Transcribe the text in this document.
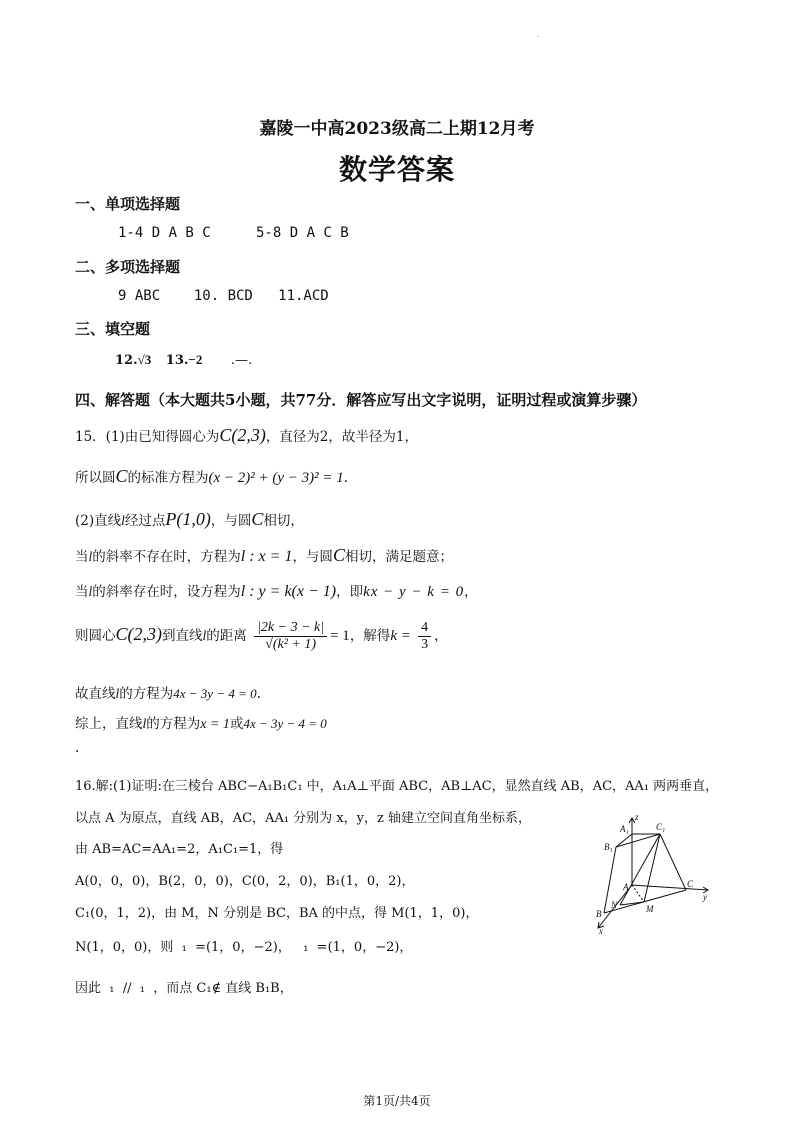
.
嘉陵一中高2023级高二上期12月考
数学答案
一、单项选择题
1-4 D A B C	5-8 D A C B
二、多项选择题
9 ABC    10. BCD   11.ACD
三、填空题
12.√3 13.−2 .—.
四、解答题（本大题共5小题，共77分．解答应写出文字说明，证明过程或演算步骤）
15．(1)由已知得圆心为C(2,3)，直径为2，故半径为1，
所以圆C的标准方程为(x − 2)² + (y − 3)² = 1.
(2)直线l经过点P(1,0)，与圆C相切，
当l的斜率不存在时，方程为l : x = 1，与圆C相切，满足题意；
当l的斜率存在时，设方程为l : y = k(x − 1)，即kx − y − k = 0，
则圆心C(2,3)到直线l的距离 $\frac{|2k - 3 - k|}{\text{√(k² + 1)}} = 1$，解得$k = \frac{4}{3}$ ，
故直线l的方程为4x − 3y − 4 = 0.
综上，直线l的方程为x = 1或4x − 3y − 4 = 0
.
16.解:(1)证明:在三棱台 ABC−A₁B₁C₁ 中，A₁A⊥平面 ABC，AB⊥AC，显然直线 AB，AC，AA₁ 两两垂直，
以点 A 为原点，直线 AB，AC，AA₁ 分别为 x，y，z 轴建立空间直角坐标系，
由 AB=AC=AA₁=2，A₁C₁=1，得
A(0，0，0)，B(2，0，0)，C(0，2，0)，B₁(1，0，2)，
C₁(0，1，2)，由 M，N 分别是 BC，BA 的中点，得 M(1，1，0)，
N(1，0，0)，则  ₁  =(1，0，−2)，   ₁  =(1，0，−2)，
因此  ₁  //  ₁  ，而点 C₁∉ 直线 B₁B，
z
A₁	C₁
B₁
A	C
y
N	M
B
x
第1页/共4页
